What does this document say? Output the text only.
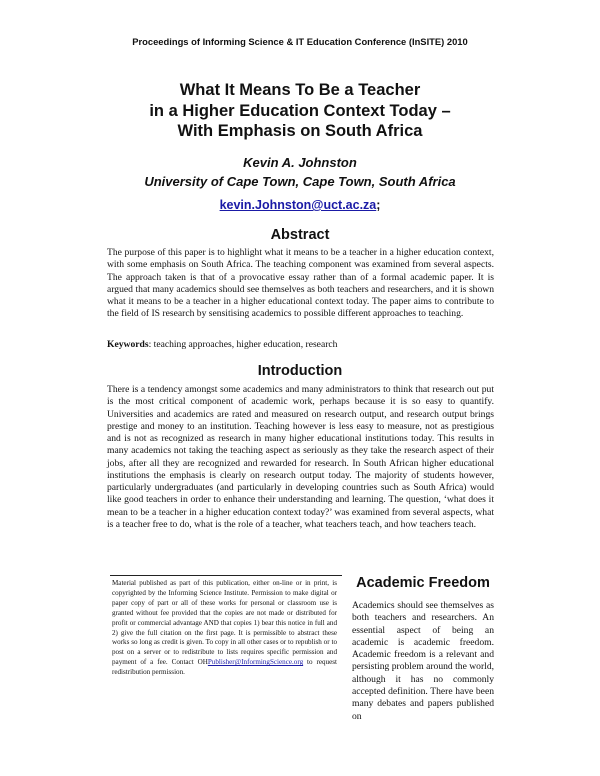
Proceedings of Informing Science & IT Education Conference (InSITE) 2010
What It Means To Be a Teacher
in a Higher Education Context Today –
With Emphasis on South Africa
Kevin A. Johnston
University of Cape Town, Cape Town, South Africa
kevin.Johnston@uct.ac.za;
Abstract
The purpose of this paper is to highlight what it means to be a teacher in a higher education context, with some emphasis on South Africa. The teaching component was examined from several aspects. The approach taken is that of a provocative essay rather than of a formal academic paper. It is argued that many academics should see themselves as both teachers and researchers, and it is shown what it means to be a teacher in a higher educational context today. The paper aims to contribute to the field of IS research by sensitising academics to possible different approaches to teaching.
Keywords: teaching approaches, higher education, research
Introduction
There is a tendency amongst some academics and many administrators to think that research out put is the most critical component of academic work, perhaps because it is so easy to quantify. Universities and academics are rated and measured on research output, and research output brings prestige and money to an institution. Teaching however is less easy to measure, not as prestigious and is not as recognized as research in many higher educational institutions today. This results in many academics not taking the teaching aspect as seriously as they take the research aspect of their jobs, after all they are recognized and rewarded for research. In South African higher educational institutions the emphasis is clearly on research output today. The majority of students however, particularly undergraduates (and particularly in developing countries such as South Africa) would like good teachers in order to enhance their understanding and learning. The question, ‘what does it mean to be a teacher in a higher education context today?’ was examined from several aspects, what is a teacher free to do, what is the role of a teacher, what teachers teach, and how teachers teach.
Material published as part of this publication, either on-line or in print, is copyrighted by the Informing Science Institute. Permission to make digital or paper copy of part or all of these works for personal or classroom use is granted without fee provided that the copies are not made or distributed for profit or commercial advantage AND that copies 1) bear this notice in full and 2) give the full citation on the first page. It is permissible to abstract these works so long as credit is given. To copy in all other cases or to republish or to post on a server or to redistribute to lists requires specific permission and payment of a fee. Contact OHPublisher@InformingScience.org to request redistribution permission.
Academic Freedom
Academics should see themselves as both teachers and researchers. An essential aspect of being an academic is academic freedom. Academic freedom is a relevant and persisting problem around the world, although it has no commonly accepted definition. There have been many debates and papers published on
